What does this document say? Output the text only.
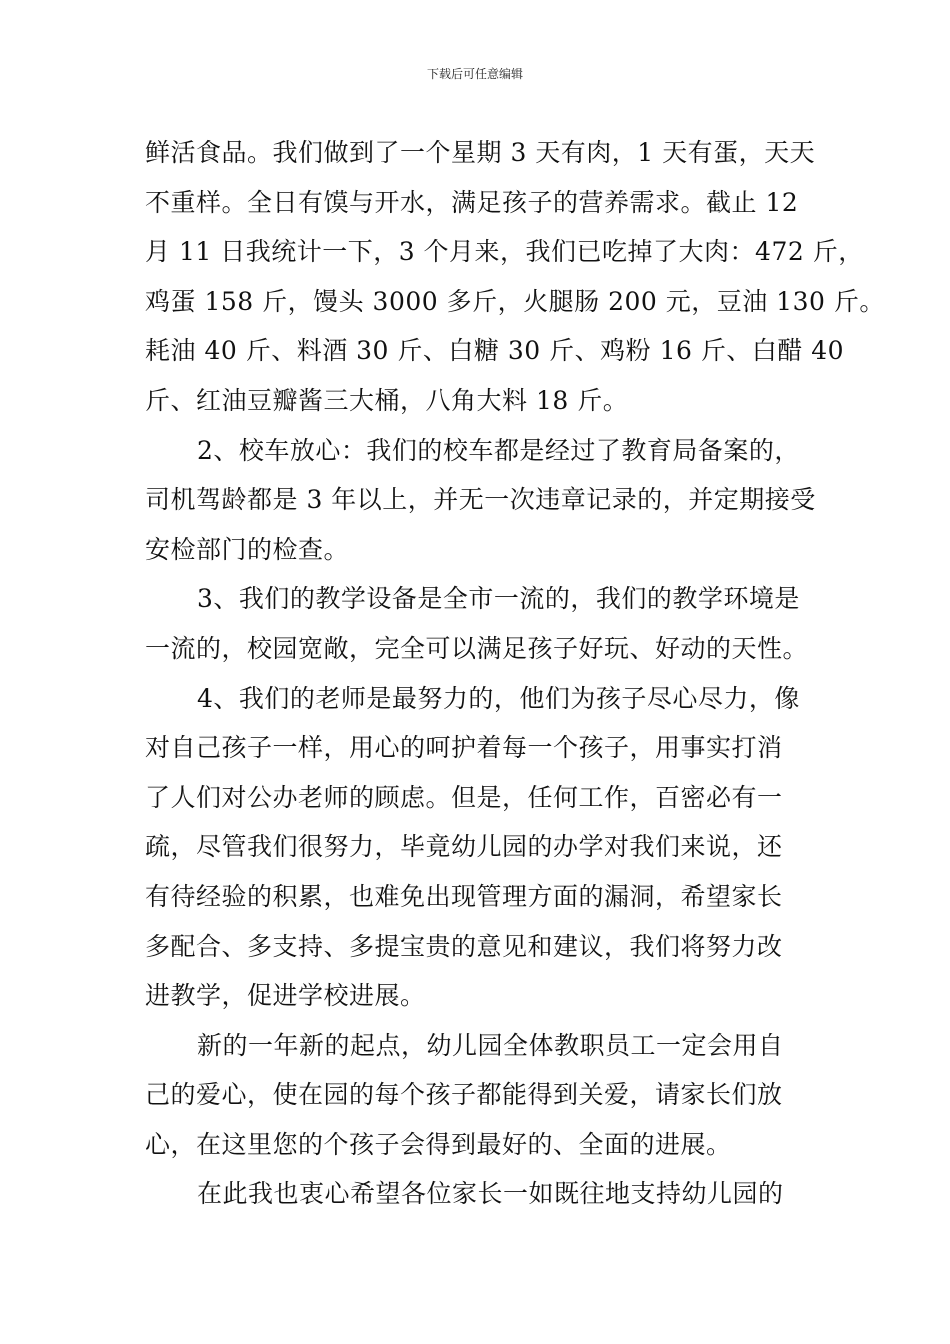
下载后可任意编辑
鲜活食品。我们做到了一个星期 3 天有肉，1 天有蛋，天天
不重样。全日有馍与开水，满足孩子的营养需求。截止 12
月 11 日我统计一下，3 个月来，我们已吃掉了大肉：472 斤，
鸡蛋 158 斤，馒头 3000 多斤，火腿肠 200 元，豆油 130 斤。
耗油 40 斤、料酒 30 斤、白糖 30 斤、鸡粉 16 斤、白醋 40
斤、红油豆瓣酱三大桶，八角大料 18 斤。
2、校车放心：我们的校车都是经过了教育局备案的，
司机驾龄都是 3 年以上，并无一次违章记录的，并定期接受
安检部门的检查。
3、我们的教学设备是全市一流的，我们的教学环境是
一流的，校园宽敞，完全可以满足孩子好玩、好动的天性。
4、我们的老师是最努力的，他们为孩子尽心尽力，像
对自己孩子一样，用心的呵护着每一个孩子，用事实打消
了人们对公办老师的顾虑。但是，任何工作，百密必有一
疏，尽管我们很努力，毕竟幼儿园的办学对我们来说，还
有待经验的积累，也难免出现管理方面的漏洞，希望家长
多配合、多支持、多提宝贵的意见和建议，我们将努力改
进教学，促进学校进展。
新的一年新的起点，幼儿园全体教职员工一定会用自
己的爱心，使在园的每个孩子都能得到关爱，请家长们放
心，在这里您的个孩子会得到最好的、全面的进展。
在此我也衷心希望各位家长一如既往地支持幼儿园的
